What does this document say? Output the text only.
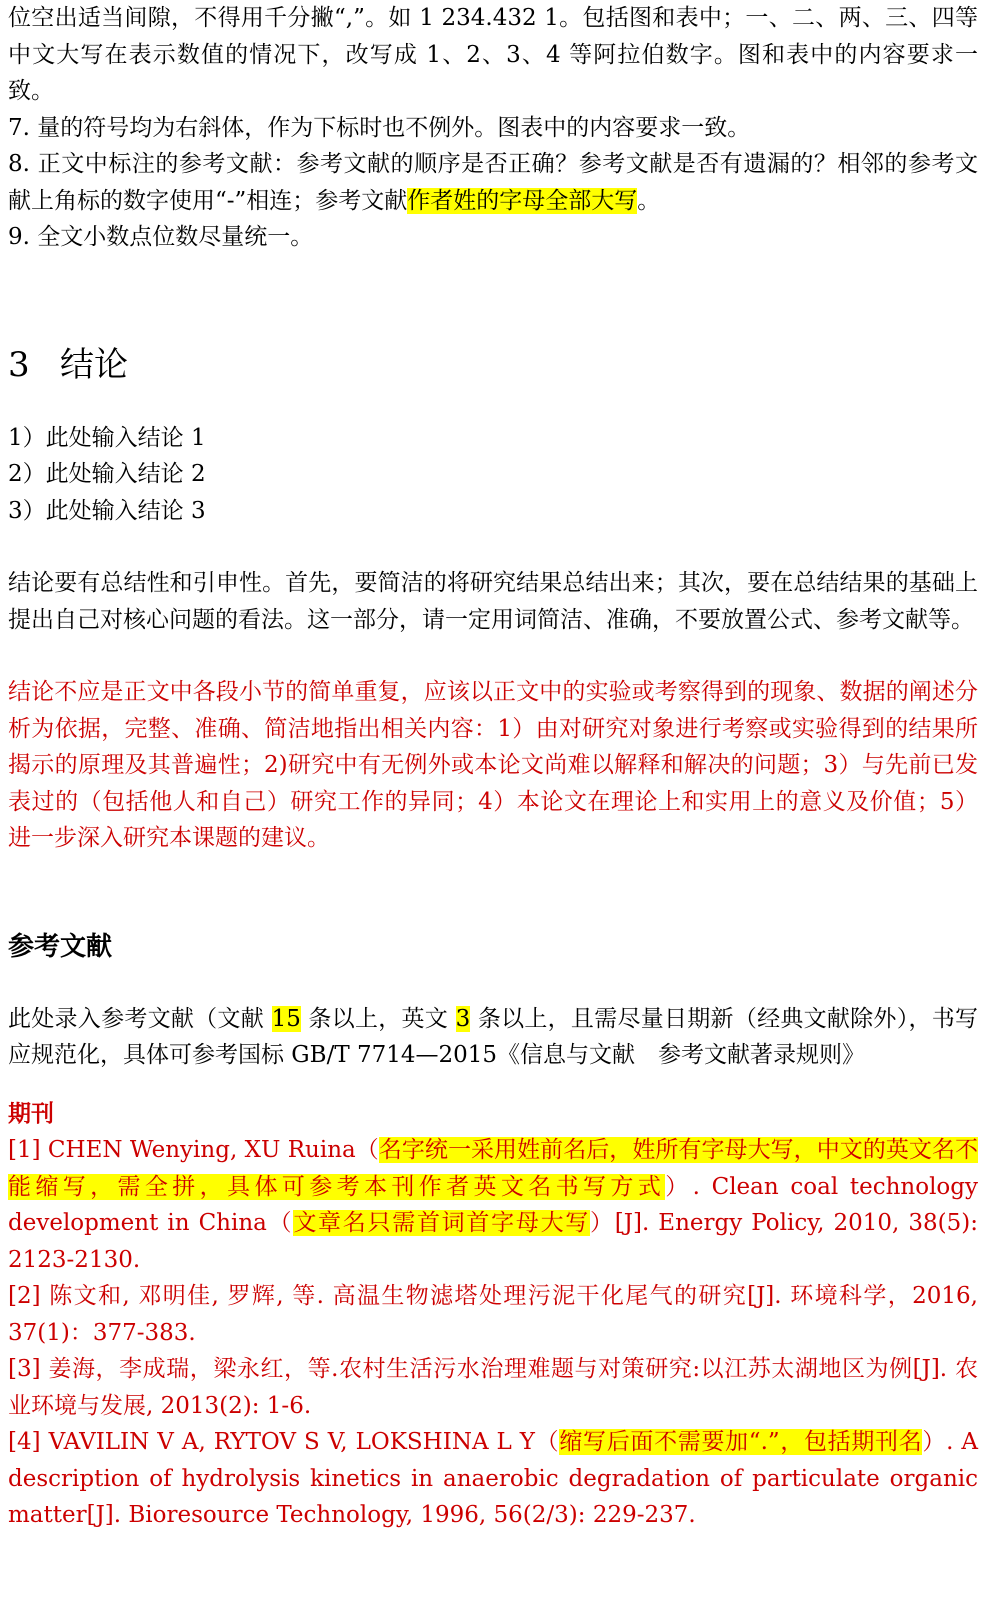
位空出适当间隙，不得用千分撇“,”。如 1 234.432 1。包括图和表中；一、二、两、三、四等中文大写在表示数值的情况下，改写成 1、2、3、4 等阿拉伯数字。图和表中的内容要求一致。

7. 量的符号均为右斜体，作为下标时也不例外。图表中的内容要求一致。

8. 正文中标注的参考文献：参考文献的顺序是否正确？参考文献是否有遗漏的？相邻的参考文献上角标的数字使用“-”相连；参考文献作者姓的字母全部大写。

9. 全文小数点位数尽量统一。

3 结论

1）此处输入结论 1

2）此处输入结论 2

3）此处输入结论 3

结论要有总结性和引申性。首先，要简洁的将研究结果总结出来；其次，要在总结结果的基础上提出自己对核心问题的看法。这一部分，请一定用词简洁、准确，不要放置公式、参考文献等。

结论不应是正文中各段小节的简单重复，应该以正文中的实验或考察得到的现象、数据的阐述分析为依据，完整、准确、简洁地指出相关内容：1）由对研究对象进行考察或实验得到的结果所揭示的原理及其普遍性；2)研究中有无例外或本论文尚难以解释和解决的问题；3）与先前已发表过的（包括他人和自己）研究工作的异同；4）本论文在理论上和实用上的意义及价值；5）进一步深入研究本课题的建议。

参考文献

此处录入参考文献（文献 15 条以上，英文 3 条以上，且需尽量日期新（经典文献除外），书写应规范化，具体可参考国标 GB/T 7714—2015《信息与文献　参考文献著录规则》

期刊

[1] CHEN Wenying, XU Ruina（名字统一采用姓前名后，姓所有字母大写，中文的英文名不能缩写，需全拼，具体可参考本刊作者英文名书写方式）. Clean coal technology development in China（文章名只需首词首字母大写）[J]. Energy Policy, 2010, 38(5): 2123-2130.

[2] 陈文和, 邓明佳, 罗辉, 等. 高温生物滤塔处理污泥干化尾气的研究[J]. 环境科学，2016, 37(1)：377-383.

[3] 姜海，李成瑞，梁永红，等.农村生活污水治理难题与对策研究:以江苏太湖地区为例[J]. 农业环境与发展, 2013(2): 1-6.

[4] VAVILIN V A, RYTOV S V, LOKSHINA L Y（缩写后面不需要加“.”，包括期刊名）. A description of hydrolysis kinetics in anaerobic degradation of particulate organic matter[J]. Bioresource Technology, 1996, 56(2/3): 229-237.
